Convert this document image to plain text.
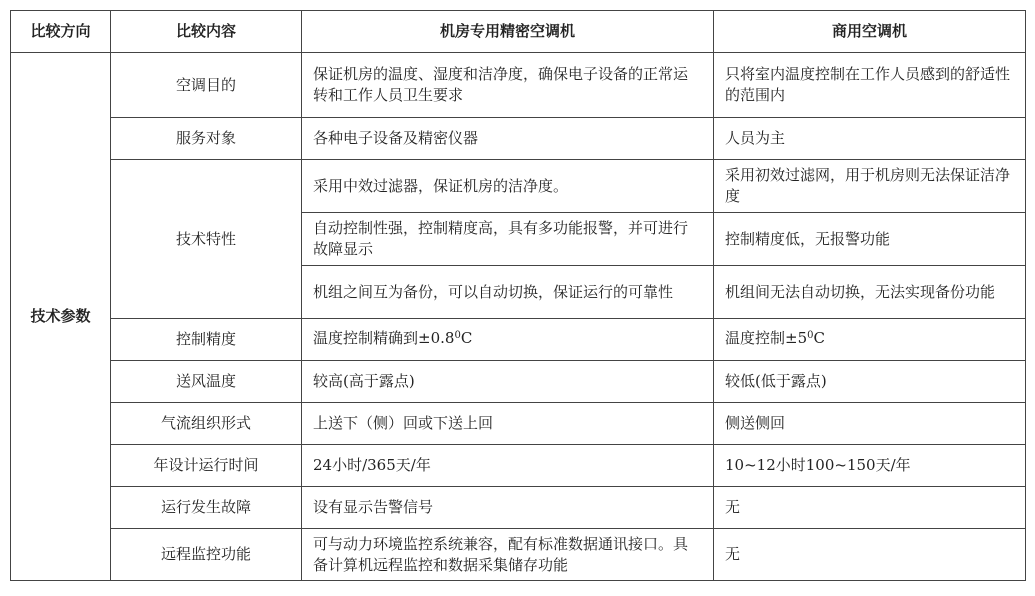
比较方向	比较内容	机房专用精密空调机	商用空调机
技术参数	空调目的	保证机房的温度、湿度和洁净度，确保电子设备的正常运转和工作人员卫生要求	只将室内温度控制在工作人员感到的舒适性的范围内
	服务对象	各种电子设备及精密仪器	人员为主
	技术特性	采用中效过滤器，保证机房的洁净度。	采用初效过滤网，用于机房则无法保证洁净度
		自动控制性强，控制精度高，具有多功能报警，并可进行故障显示	控制精度低，无报警功能
		机组之间互为备份，可以自动切换，保证运行的可靠性	机组间无法自动切换，无法实现备份功能
	控制精度	温度控制精确到$\pm 0.8^0C$	温度控制$\pm 5^0C$
	送风温度	较高(高于露点)	较低(低于露点)
	气流组织形式	上送下（侧）回或下送上回	侧送侧回
	年设计运行时间	24小时/365天/年	10~12小时100~150天/年
	运行发生故障	设有显示告警信号	无
	远程监控功能	可与动力环境监控系统兼容，配有标准数据通讯接口。具备计算机远程监控和数据采集储存功能	无
